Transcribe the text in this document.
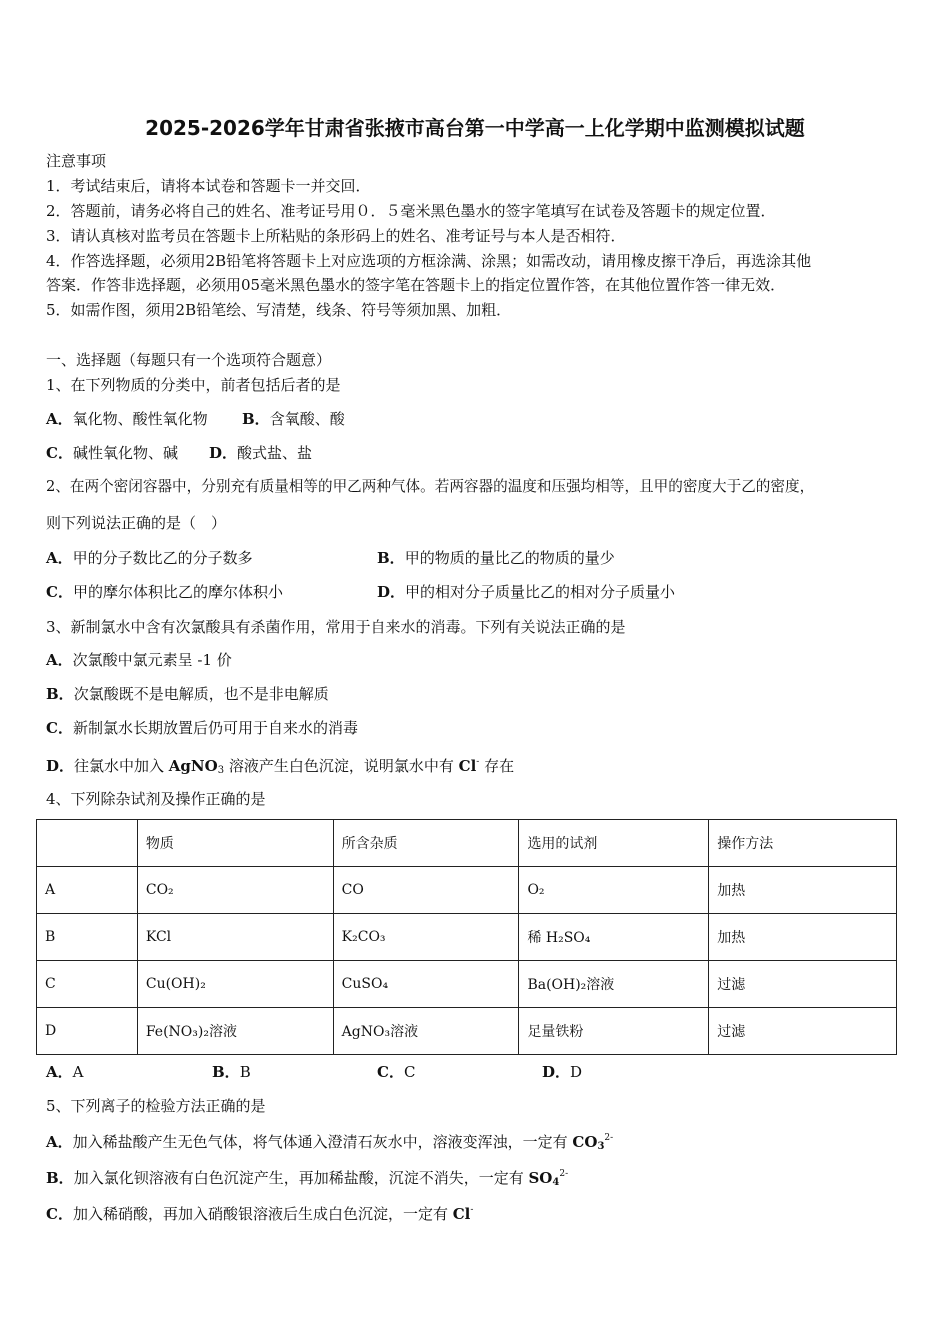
2025-2026学年甘肃省张掖市高台第一中学高一上化学期中监测模拟试题
注意事项
1．考试结束后，请将本试卷和答题卡一并交回．
2．答题前，请务必将自己的姓名、准考证号用０．５毫米黑色墨水的签字笔填写在试卷及答题卡的规定位置．
3．请认真核对监考员在答题卡上所粘贴的条形码上的姓名、准考证号与本人是否相符．
4．作答选择题，必须用2B铅笔将答题卡上对应选项的方框涂满、涂黑；如需改动，请用橡皮擦干净后，再选涂其他
答案．作答非选择题，必须用05毫米黑色墨水的签字笔在答题卡上的指定位置作答，在其他位置作答一律无效．
5．如需作图，须用2B铅笔绘、写清楚，线条、符号等须加黑、加粗．
一、选择题（每题只有一个选项符合题意）
1、在下列物质的分类中，前者包括后者的是
A．氧化物、酸性氧化物 B．含氧酸、酸
C．碱性氧化物、碱 D．酸式盐、盐
2、在两个密闭容器中，分别充有质量相等的甲乙两种气体。若两容器的温度和压强均相等，且甲的密度大于乙的密度，
则下列说法正确的是（　）
A．甲的分子数比乙的分子数多	B．甲的物质的量比乙的物质的量少
C．甲的摩尔体积比乙的摩尔体积小	D．甲的相对分子质量比乙的相对分子质量小
3、新制氯水中含有次氯酸具有杀菌作用，常用于自来水的消毒。下列有关说法正确的是
A．次氯酸中氯元素呈 -1 价
B．次氯酸既不是电解质，也不是非电解质
C．新制氯水长期放置后仍可用于自来水的消毒
D．往氯水中加入 AgNO$_3$ 溶液产生白色沉淀，说明氯水中有 Cl- 存在
4、下列除杂试剂及操作正确的是
	物质	所含杂质	选用的试剂	操作方法
A	CO₂	CO	O₂	加热
B	KCl	K₂CO₃	稀 H₂SO₄	加热
C	Cu(OH)₂	CuSO₄	Ba(OH)₂溶液	过滤
D	Fe(NO₃)₂溶液	AgNO₃溶液	足量铁粉	过滤
A．A	B．B	C．C	D．D
5、下列离子的检验方法正确的是
A．加入稀盐酸产生无色气体，将气体通入澄清石灰水中，溶液变浑浊，一定有 $CO_3^{2-}$
B．加入氯化钡溶液有白色沉淀产生，再加稀盐酸，沉淀不消失，一定有 $SO_4^{2-}$
C．加入稀硝酸，再加入硝酸银溶液后生成白色沉淀，一定有 Cl-
